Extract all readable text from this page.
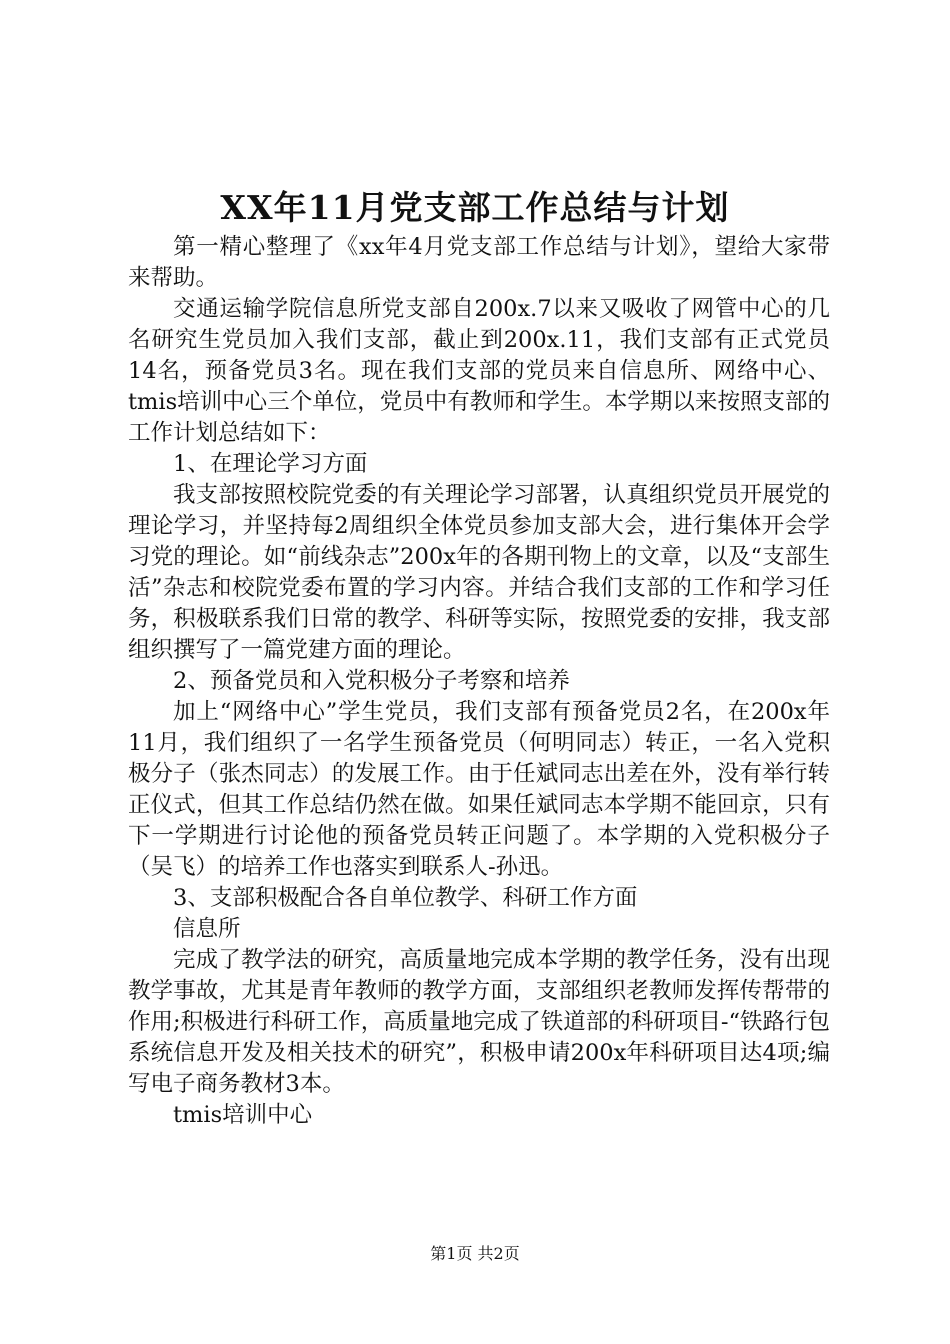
XX年11月党支部工作总结与计划

第一精心整理了《xx年4月党支部工作总结与计划》，望给大家带来帮助。

交通运输学院信息所党支部自200x.7以来又吸收了网管中心的几名研究生党员加入我们支部，截止到200x.11，我们支部有正式党员14名，预备党员3名。现在我们支部的党员来自信息所、网络中心、tmis培训中心三个单位，党员中有教师和学生。本学期以来按照支部的工作计划总结如下：

1、在理论学习方面

我支部按照校院党委的有关理论学习部署，认真组织党员开展党的理论学习，并坚持每2周组织全体党员参加支部大会，进行集体开会学习党的理论。如“前线杂志”200x年的各期刊物上的文章，以及“支部生活”杂志和校院党委布置的学习内容。并结合我们支部的工作和学习任务，积极联系我们日常的教学、科研等实际，按照党委的安排，我支部组织撰写了一篇党建方面的理论。

2、预备党员和入党积极分子考察和培养

加上“网络中心”学生党员，我们支部有预备党员2名，在200x年11月，我们组织了一名学生预备党员（何明同志）转正，一名入党积极分子（张杰同志）的发展工作。由于任斌同志出差在外，没有举行转正仪式，但其工作总结仍然在做。如果任斌同志本学期不能回京，只有下一学期进行讨论他的预备党员转正问题了。本学期的入党积极分子（吴飞）的培养工作也落实到联系人-孙迅。

3、支部积极配合各自单位教学、科研工作方面

信息所

完成了教学法的研究，高质量地完成本学期的教学任务，没有出现教学事故，尤其是青年教师的教学方面，支部组织老教师发挥传帮带的作用;积极进行科研工作，高质量地完成了铁道部的科研项目-“铁路行包系统信息开发及相关技术的研究”，积极申请200x年科研项目达4项;编写电子商务教材3本。

tmis培训中心

第1页 共2页
